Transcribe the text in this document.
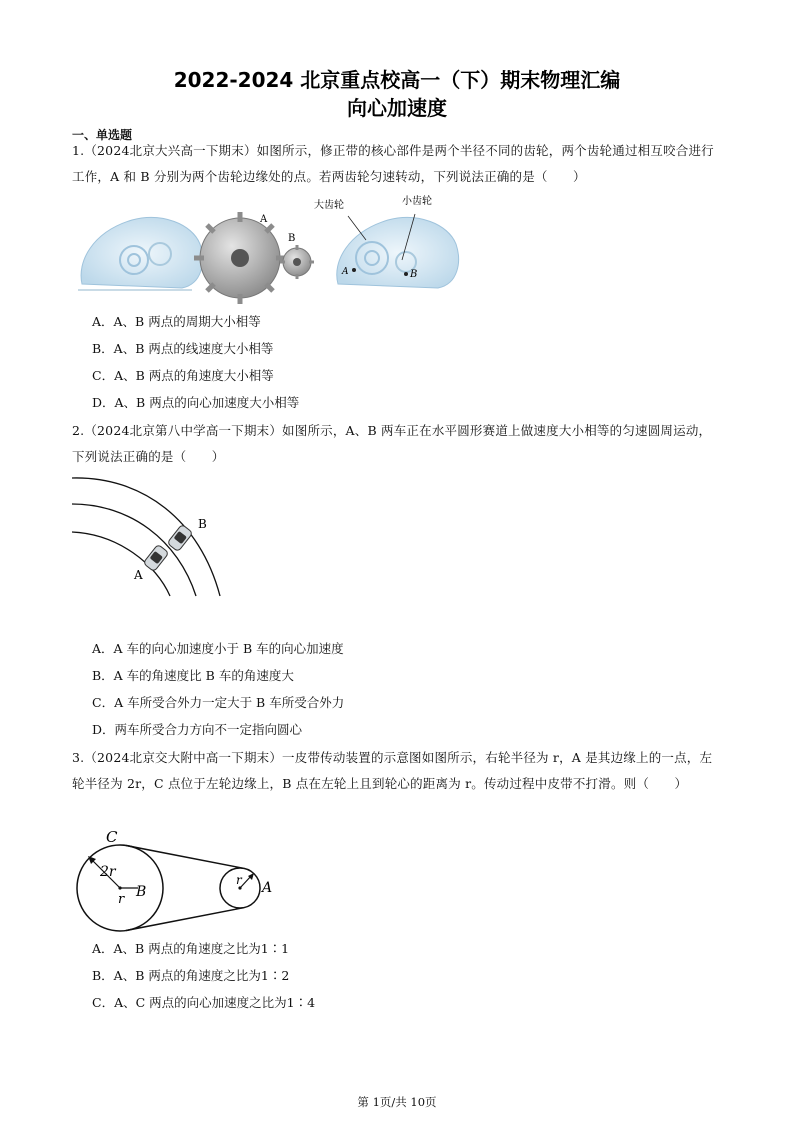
2022-2024 北京重点校高一（下）期末物理汇编
向心加速度
一、单选题
1.（2024北京大兴高一下期末）如图所示，修正带的核心部件是两个半径不同的齿轮，两个齿轮通过相互咬合进行工作，A 和 B 分别为两个齿轮边缘处的点。若两齿轮匀速转动，下列说法正确的是（　　）
A
B
大齿轮	小齿轮
A	B
A．A、B 两点的周期大小相等
B．A、B 两点的线速度大小相等
C．A、B 两点的角速度大小相等
D．A、B 两点的向心加速度大小相等
2.（2024北京第八中学高一下期末）如图所示，A、B 两车正在水平圆形赛道上做速度大小相等的匀速圆周运动，下列说法正确的是（　　）
A
B
A．A 车的向心加速度小于 B 车的向心加速度
B．A 车的角速度比 B 车的角速度大
C．A 车所受合外力一定大于 B 车所受合外力
D．两车所受合力方向不一定指向圆心
3.（2024北京交大附中高一下期末）一皮带传动装置的示意图如图所示，右轮半径为 r，A 是其边缘上的一点，左轮半径为 2r，C 点位于左轮边缘上，B 点在左轮上且到轮心的距离为 r。传动过程中皮带不打滑。则（　　）
C
2r
r B
r A
A．A、B 两点的角速度之比为1∶1
B．A、B 两点的角速度之比为1∶2
C．A、C 两点的向心加速度之比为1∶4
第 1页/共 10页
